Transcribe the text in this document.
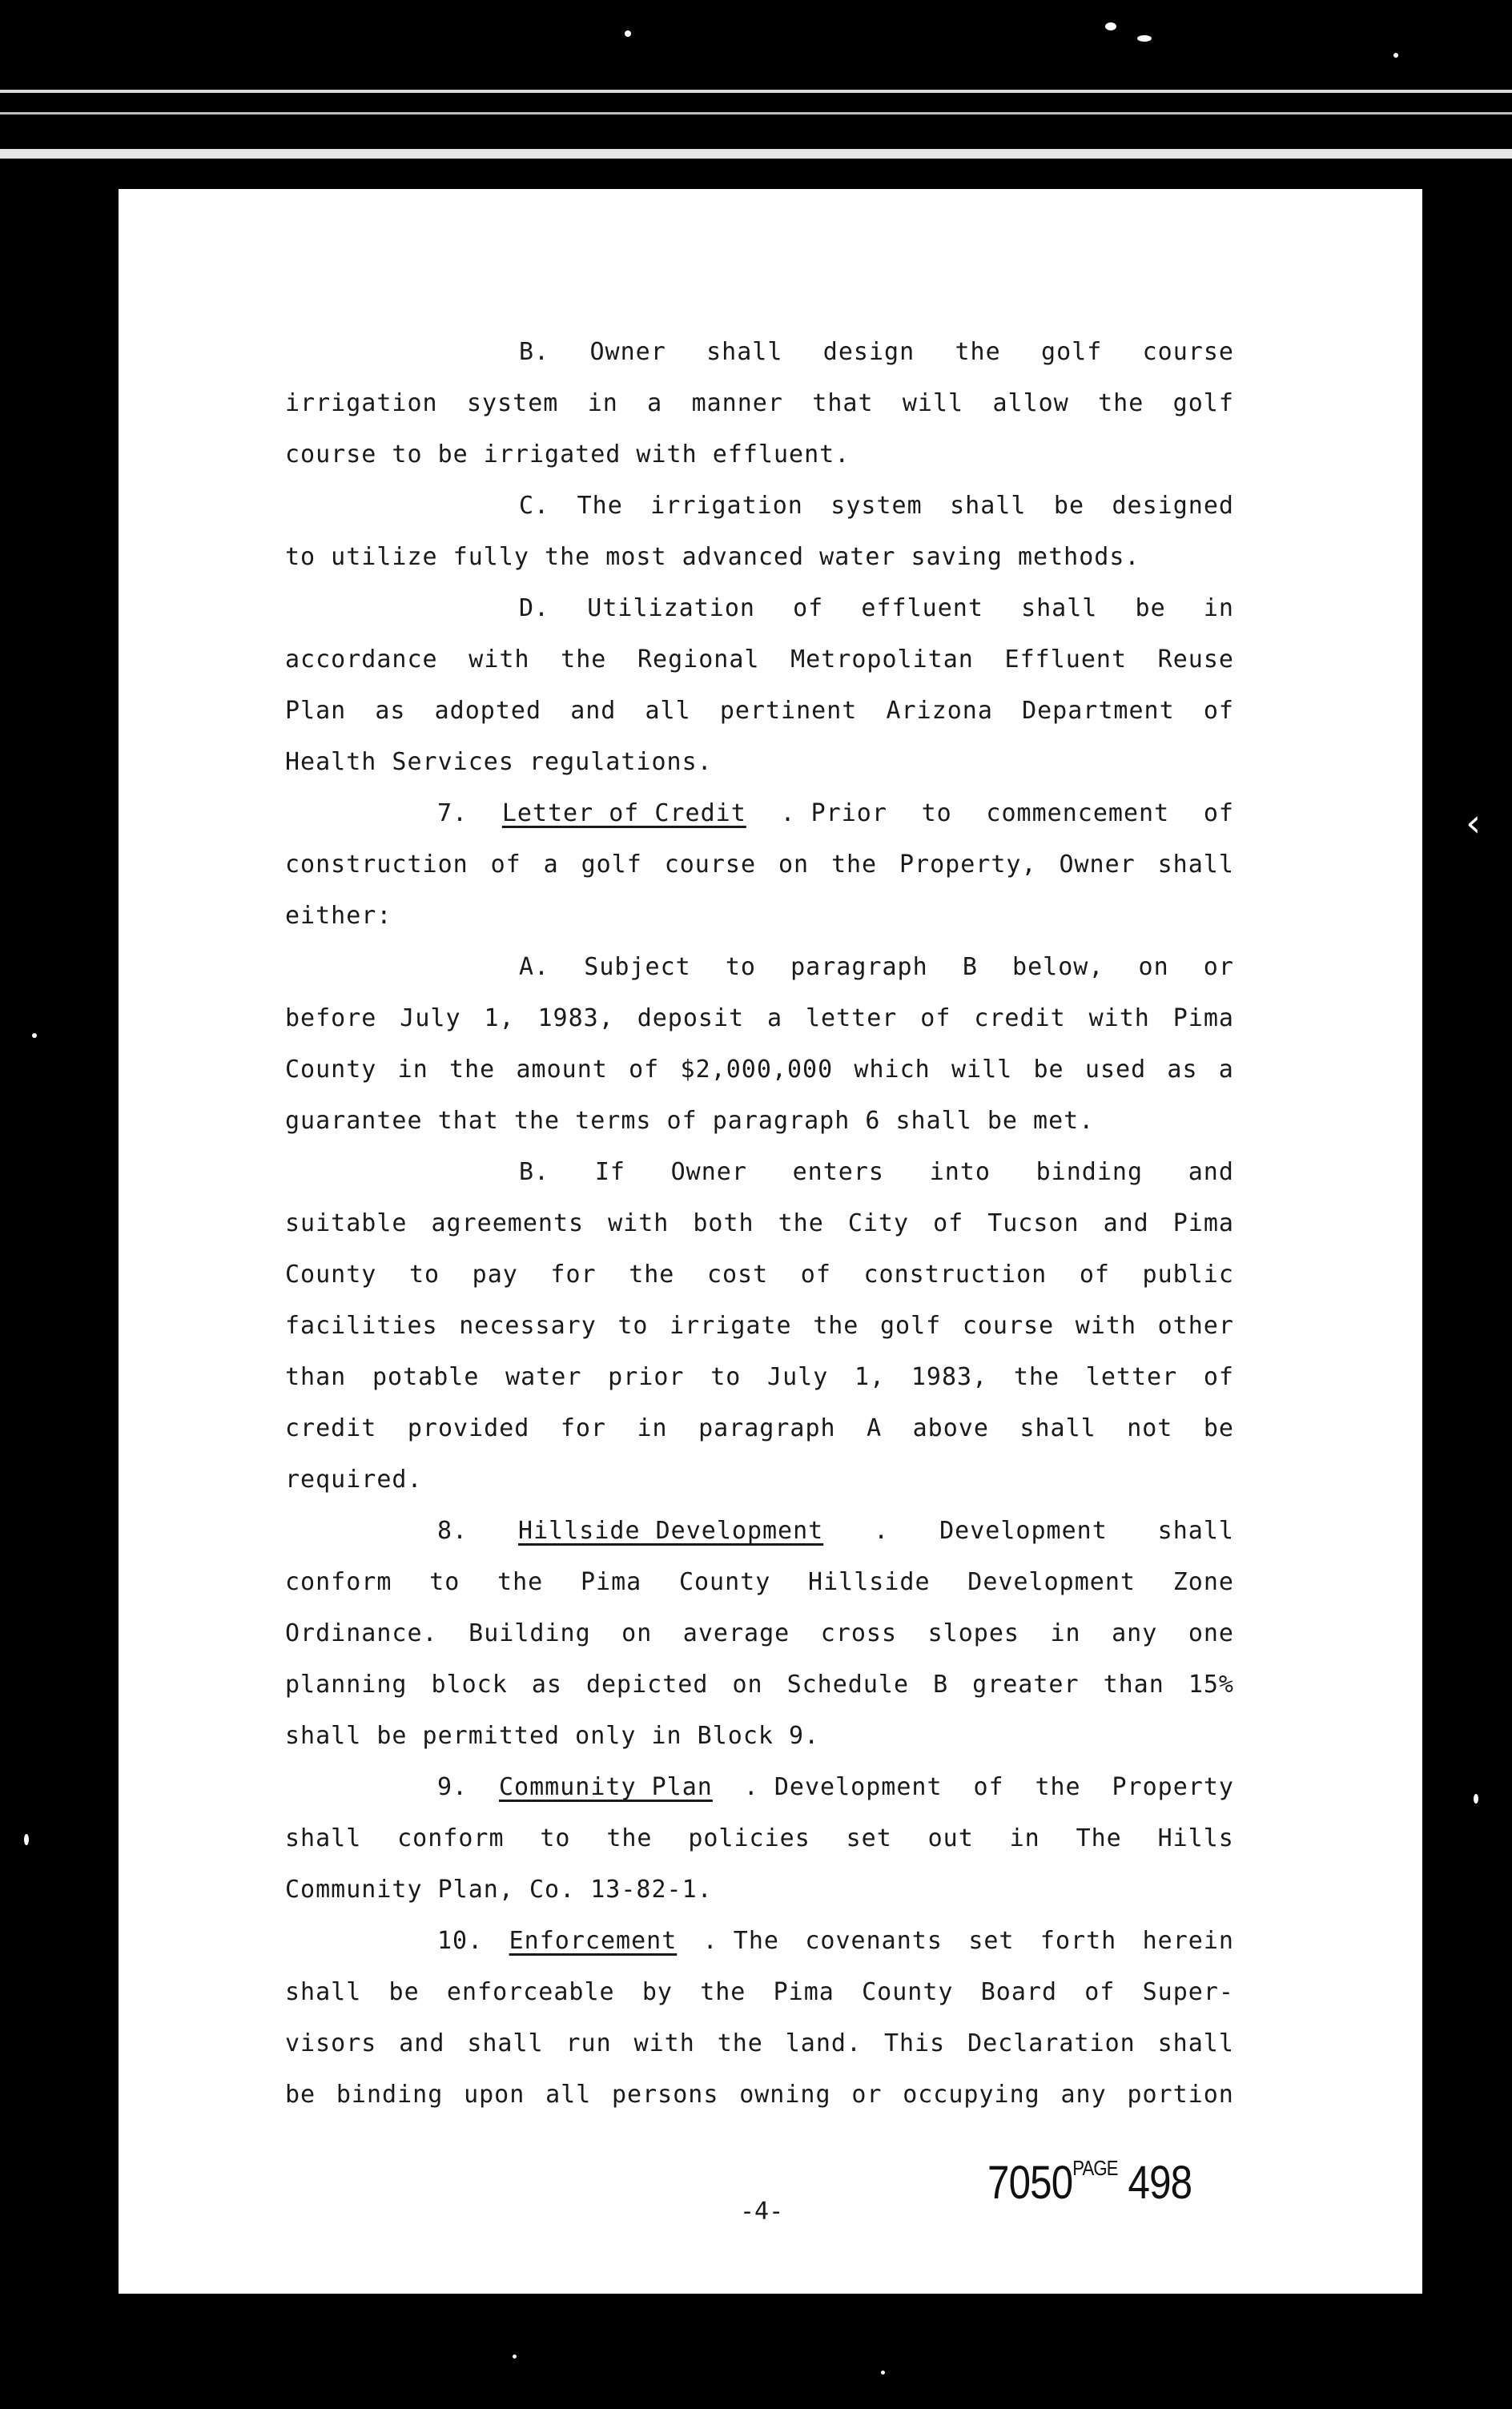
‹
B. Owner shall design the golf course
irrigation system in a manner that will allow the golf
course to be irrigated with effluent.
C. The irrigation system shall be designed
to utilize fully the most advanced water saving methods.
D. Utilization of effluent shall be in
accordance with the Regional Metropolitan Effluent Reuse
Plan as adopted and all pertinent Arizona Department of
Health Services regulations.
7. Letter of Credit . Prior to commencement of
construction of a golf course on the Property, Owner shall
either:
A. Subject to paragraph B below, on or
before July 1, 1983, deposit a letter of credit with Pima
County in the amount of $2,000,000 which will be used as a
guarantee that the terms of paragraph 6 shall be met.
B. If Owner enters into binding and
suitable agreements with both the City of Tucson and Pima
County to pay for the cost of construction of public
facilities necessary to irrigate the golf course with other
than potable water prior to July 1, 1983, the letter of
credit provided for in paragraph A above shall not be
required.
8. Hillside Development . Development shall
conform to the Pima County Hillside Development Zone
Ordinance. Building on average cross slopes in any one
planning block as depicted on Schedule B greater than 15%
shall be permitted only in Block 9.
9. Community Plan . Development of the Property
shall conform to the policies set out in The Hills
Community Plan, Co. 13-82-1.
10. Enforcement . The covenants set forth herein
shall be enforceable by the Pima County Board of Super-
visors and shall run with the land. This Declaration shall
be binding upon all persons owning or occupying any portion
-4-
$7050^{PAGE}$ 498
